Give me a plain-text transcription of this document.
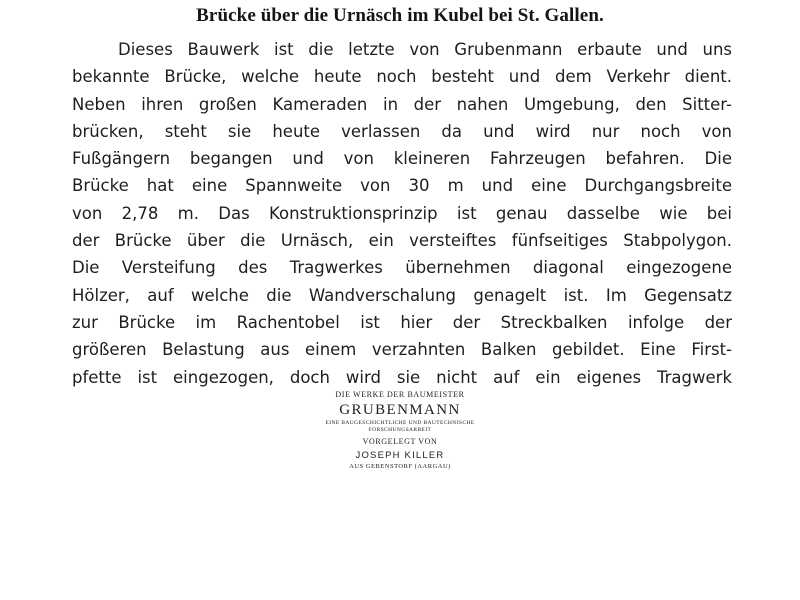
Brücke über die Urnäsch im Kubel bei St. Gallen.
Dieses Bauwerk ist die letzte von Grubenmann erbaute und uns
bekannte Brücke, welche heute noch besteht und dem Verkehr dient.
Neben ihren großen Kameraden in der nahen Umgebung, den Sitter-
brücken, steht sie heute verlassen da und wird nur noch von
Fußgängern begangen und von kleineren Fahrzeugen befahren. Die
Brücke hat eine Spannweite von 30 m und eine Durchgangsbreite
von 2,78 m. Das Konstruktionsprinzip ist genau dasselbe wie bei
der Brücke über die Urnäsch, ein versteiftes fünfseitiges Stabpolygon.
Die Versteifung des Tragwerkes übernehmen diagonal eingezogene
Hölzer, auf welche die Wandverschalung genagelt ist. Im Gegensatz
zur Brücke im Rachentobel ist hier der Streckbalken infolge der
größeren Belastung aus einem verzahnten Balken gebildet. Eine First-
pfette ist eingezogen, doch wird sie nicht auf ein eigenes Tragwerk
DIE WERKE DER BAUMEISTER
GRUBENMANN
EINE BAUGESCHICHTLICHE UND BAUTECHNISCHE
FORSCHUNGSARBEIT
VORGELEGT VON
JOSEPH KILLER
AUS GEBENSTORF (AARGAU)
